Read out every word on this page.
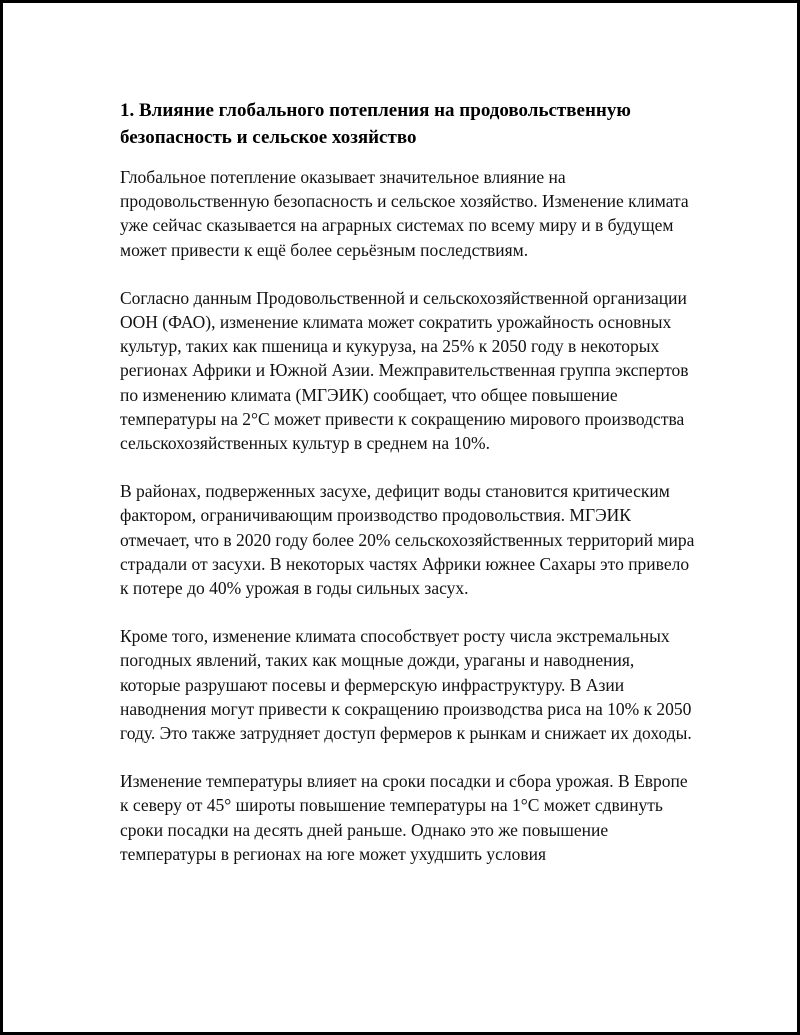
1. Влияние глобального потепления на продовольственную безопасность и сельское хозяйство

Глобальное потепление оказывает значительное влияние на продовольственную безопасность и сельское хозяйство. Изменение климата уже сейчас сказывается на аграрных системах по всему миру и в будущем может привести к ещё более серьёзным последствиям.

Согласно данным Продовольственной и сельскохозяйственной организации ООН (ФАО), изменение климата может сократить урожайность основных культур, таких как пшеница и кукуруза, на 25% к 2050 году в некоторых регионах Африки и Южной Азии. Межправительственная группа экспертов по изменению климата (МГЭИК) сообщает, что общее повышение температуры на 2°C может привести к сокращению мирового производства сельскохозяйственных культур в среднем на 10%.

В районах, подверженных засухе, дефицит воды становится критическим фактором, ограничивающим производство продовольствия. МГЭИК отмечает, что в 2020 году более 20% сельскохозяйственных территорий мира страдали от засухи. В некоторых частях Африки южнее Сахары это привело к потере до 40% урожая в годы сильных засух.

Кроме того, изменение климата способствует росту числа экстремальных погодных явлений, таких как мощные дожди, ураганы и наводнения, которые разрушают посевы и фермерскую инфраструктуру. В Азии наводнения могут привести к сокращению производства риса на 10% к 2050 году. Это также затрудняет доступ фермеров к рынкам и снижает их доходы.

Изменение температуры влияет на сроки посадки и сбора урожая. В Европе к северу от 45° широты повышение температуры на 1°C может сдвинуть сроки посадки на десять дней раньше. Однако это же повышение температуры в регионах на юге может ухудшить условия
